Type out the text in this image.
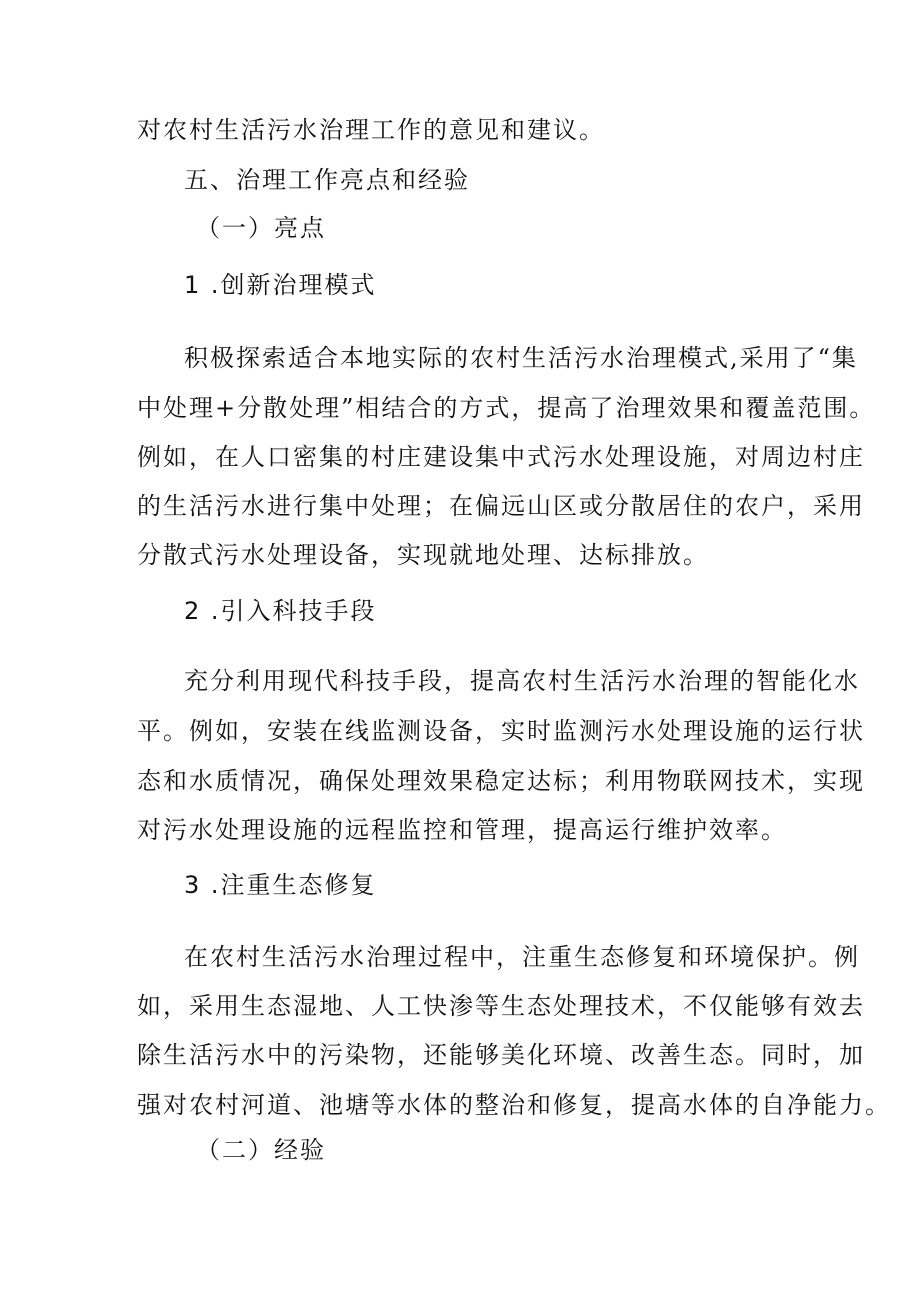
对农村生活污水治理工作的意见和建议。
五、治理工作亮点和经验
（一）亮点
1 .创新治理模式
积极探索适合本地实际的农村生活污水治理模式,采用了“集
中处理+分散处理”相结合的方式，提高了治理效果和覆盖范围。
例如，在人口密集的村庄建设集中式污水处理设施，对周边村庄
的生活污水进行集中处理；在偏远山区或分散居住的农户，采用
分散式污水处理设备，实现就地处理、达标排放。
2 .引入科技手段
充分利用现代科技手段，提高农村生活污水治理的智能化水
平。例如，安装在线监测设备，实时监测污水处理设施的运行状
态和水质情况，确保处理效果稳定达标；利用物联网技术，实现
对污水处理设施的远程监控和管理，提高运行维护效率。
3 .注重生态修复
在农村生活污水治理过程中，注重生态修复和环境保护。例
如，采用生态湿地、人工快渗等生态处理技术，不仅能够有效去
除生活污水中的污染物，还能够美化环境、改善生态。同时，加
强对农村河道、池塘等水体的整治和修复，提高水体的自净能力。
（二）经验
